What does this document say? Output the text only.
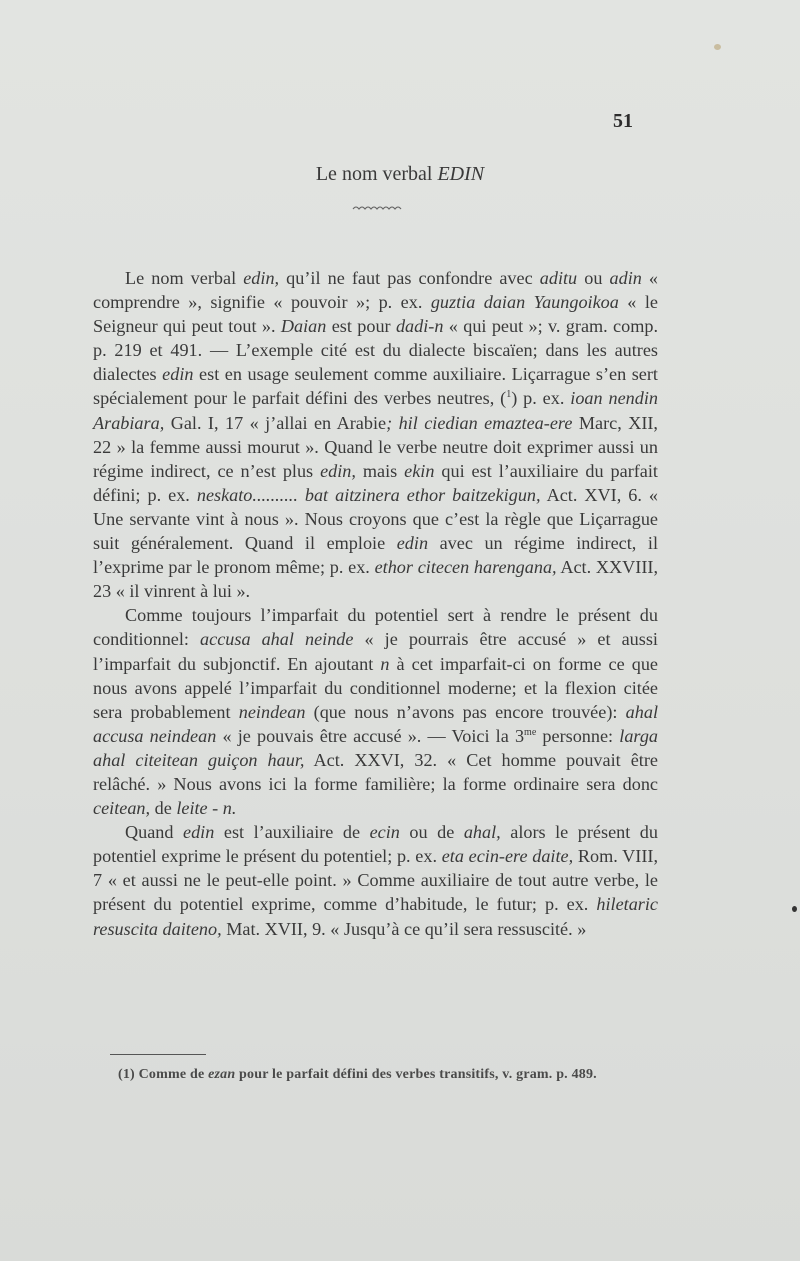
51
Le nom verbal EDIN

Le nom verbal edin, qu’il ne faut pas confondre avec aditu ou adin « comprendre », signifie « pouvoir »; p. ex. guztia daian Yaungoikoa « le Seigneur qui peut tout ». Daian est pour dadi-n « qui peut »; v. gram. comp. p. 219 et 491. — L’exemple cité est du dialecte biscaïen; dans les autres dialectes edin est en usage seulement comme auxiliaire. Liçarrague s’en sert spécialement pour le parfait défini des verbes neutres, ($^1$) p. ex. ioan nendin Arabiara, Gal. I, 17 « j’allai en Arabie; hil ciedian emaztea-ere Marc, XII, 22 » la femme aussi mourut ». Quand le verbe neutre doit exprimer aussi un régime indirect, ce n’est plus edin, mais ekin qui est l’auxiliaire du parfait défini; p. ex. neskato.......... bat aitzinera ethor baitzekigun, Act. XVI, 6. « Une servante vint à nous ». Nous croyons que c’est la règle que Liçarrague suit généralement. Quand il emploie edin avec un régime indirect, il l’exprime par le pronom même; p. ex. ethor citecen harengana, Act. XXVIII, 23 « il vinrent à lui ».

Comme toujours l’imparfait du potentiel sert à rendre le présent du conditionnel: accusa ahal neinde « je pourrais être accusé » et aussi l’imparfait du subjonctif. En ajoutant n à cet imparfait-ci on forme ce que nous avons appelé l’imparfait du conditionnel moderne; et la flexion citée sera probablement neindean (que nous n’avons pas encore trouvée): ahal accusa neindean « je pouvais être accusé ». — Voici la $3^{me}$ personne: larga ahal citeitean guiçon haur, Act. XXVI, 32. « Cet homme pouvait être relâché. » Nous avons ici la forme familière; la forme ordinaire sera donc ceitean, de leite - n.

Quand edin est l’auxiliaire de ecin ou de ahal, alors le présent du potentiel exprime le présent du potentiel; p. ex. eta ecin-ere daite, Rom. VIII, 7 « et aussi ne le peut-elle point. » Comme auxiliaire de tout autre verbe, le présent du potentiel exprime, comme d’habitude, le futur; p. ex. hiletaric resuscita daiteno, Mat. XVII, 9. « Jusqu’à ce qu’il sera ressuscité. »

(1) Comme de ezan pour le parfait défini des verbes transitifs, v. gram. p. 489.
